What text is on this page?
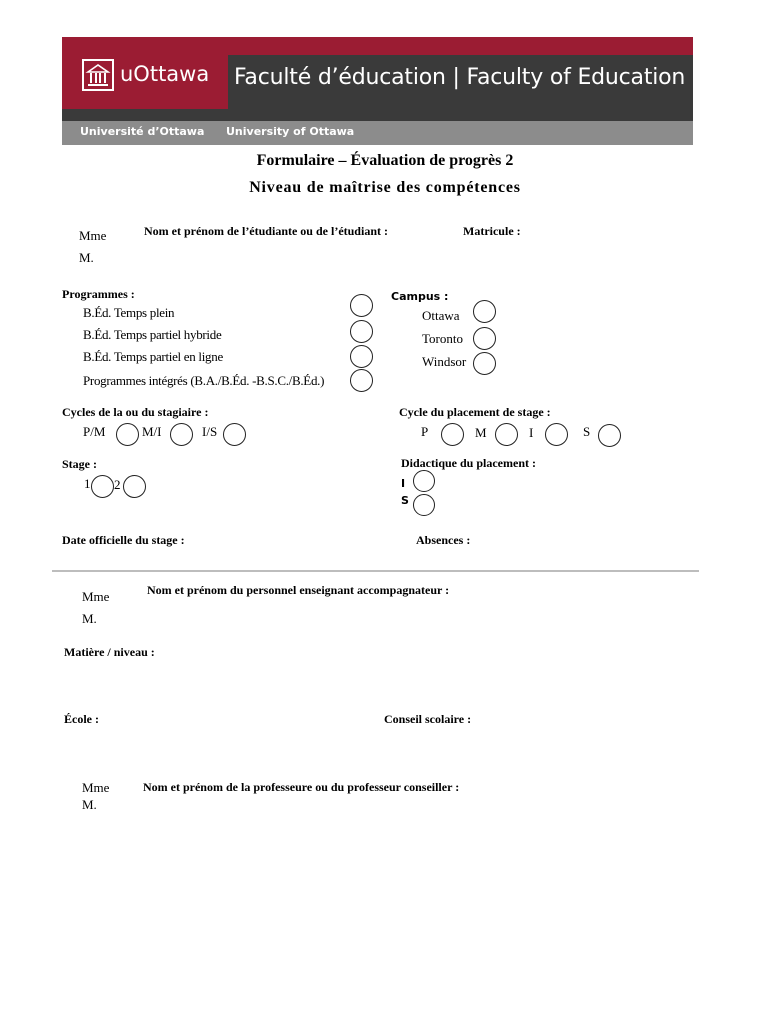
uOttawa Faculté d’éducation | Faculty of Education
Université d’Ottawa University of Ottawa
Formulaire – Évaluation de progrès 2
Niveau de maîtrise des compétences
Mme
M.
Nom et prénom de l’étudiante ou de l’étudiant :	Matricule :
Programmes :
B.Éd. Temps plein
B.Éd. Temps partiel hybride
B.Éd. Temps partiel en ligne
Programmes intégrés (B.A./B.Éd. -B.S.C./B.Éd.)
Campus :
Ottawa
Toronto
Windsor
Cycles de la ou du stagiaire :
P/M	M/I	I/S
Cycle du placement de stage :
P	M	I	S
Stage :
1 2
Didactique du placement :
I
S
Date officielle du stage :	Absences :
Mme
M.
Nom et prénom du personnel enseignant accompagnateur :
Matière / niveau :
École :	Conseil scolaire :
Mme
M.
Nom et prénom de la professeure ou du professeur conseiller :
